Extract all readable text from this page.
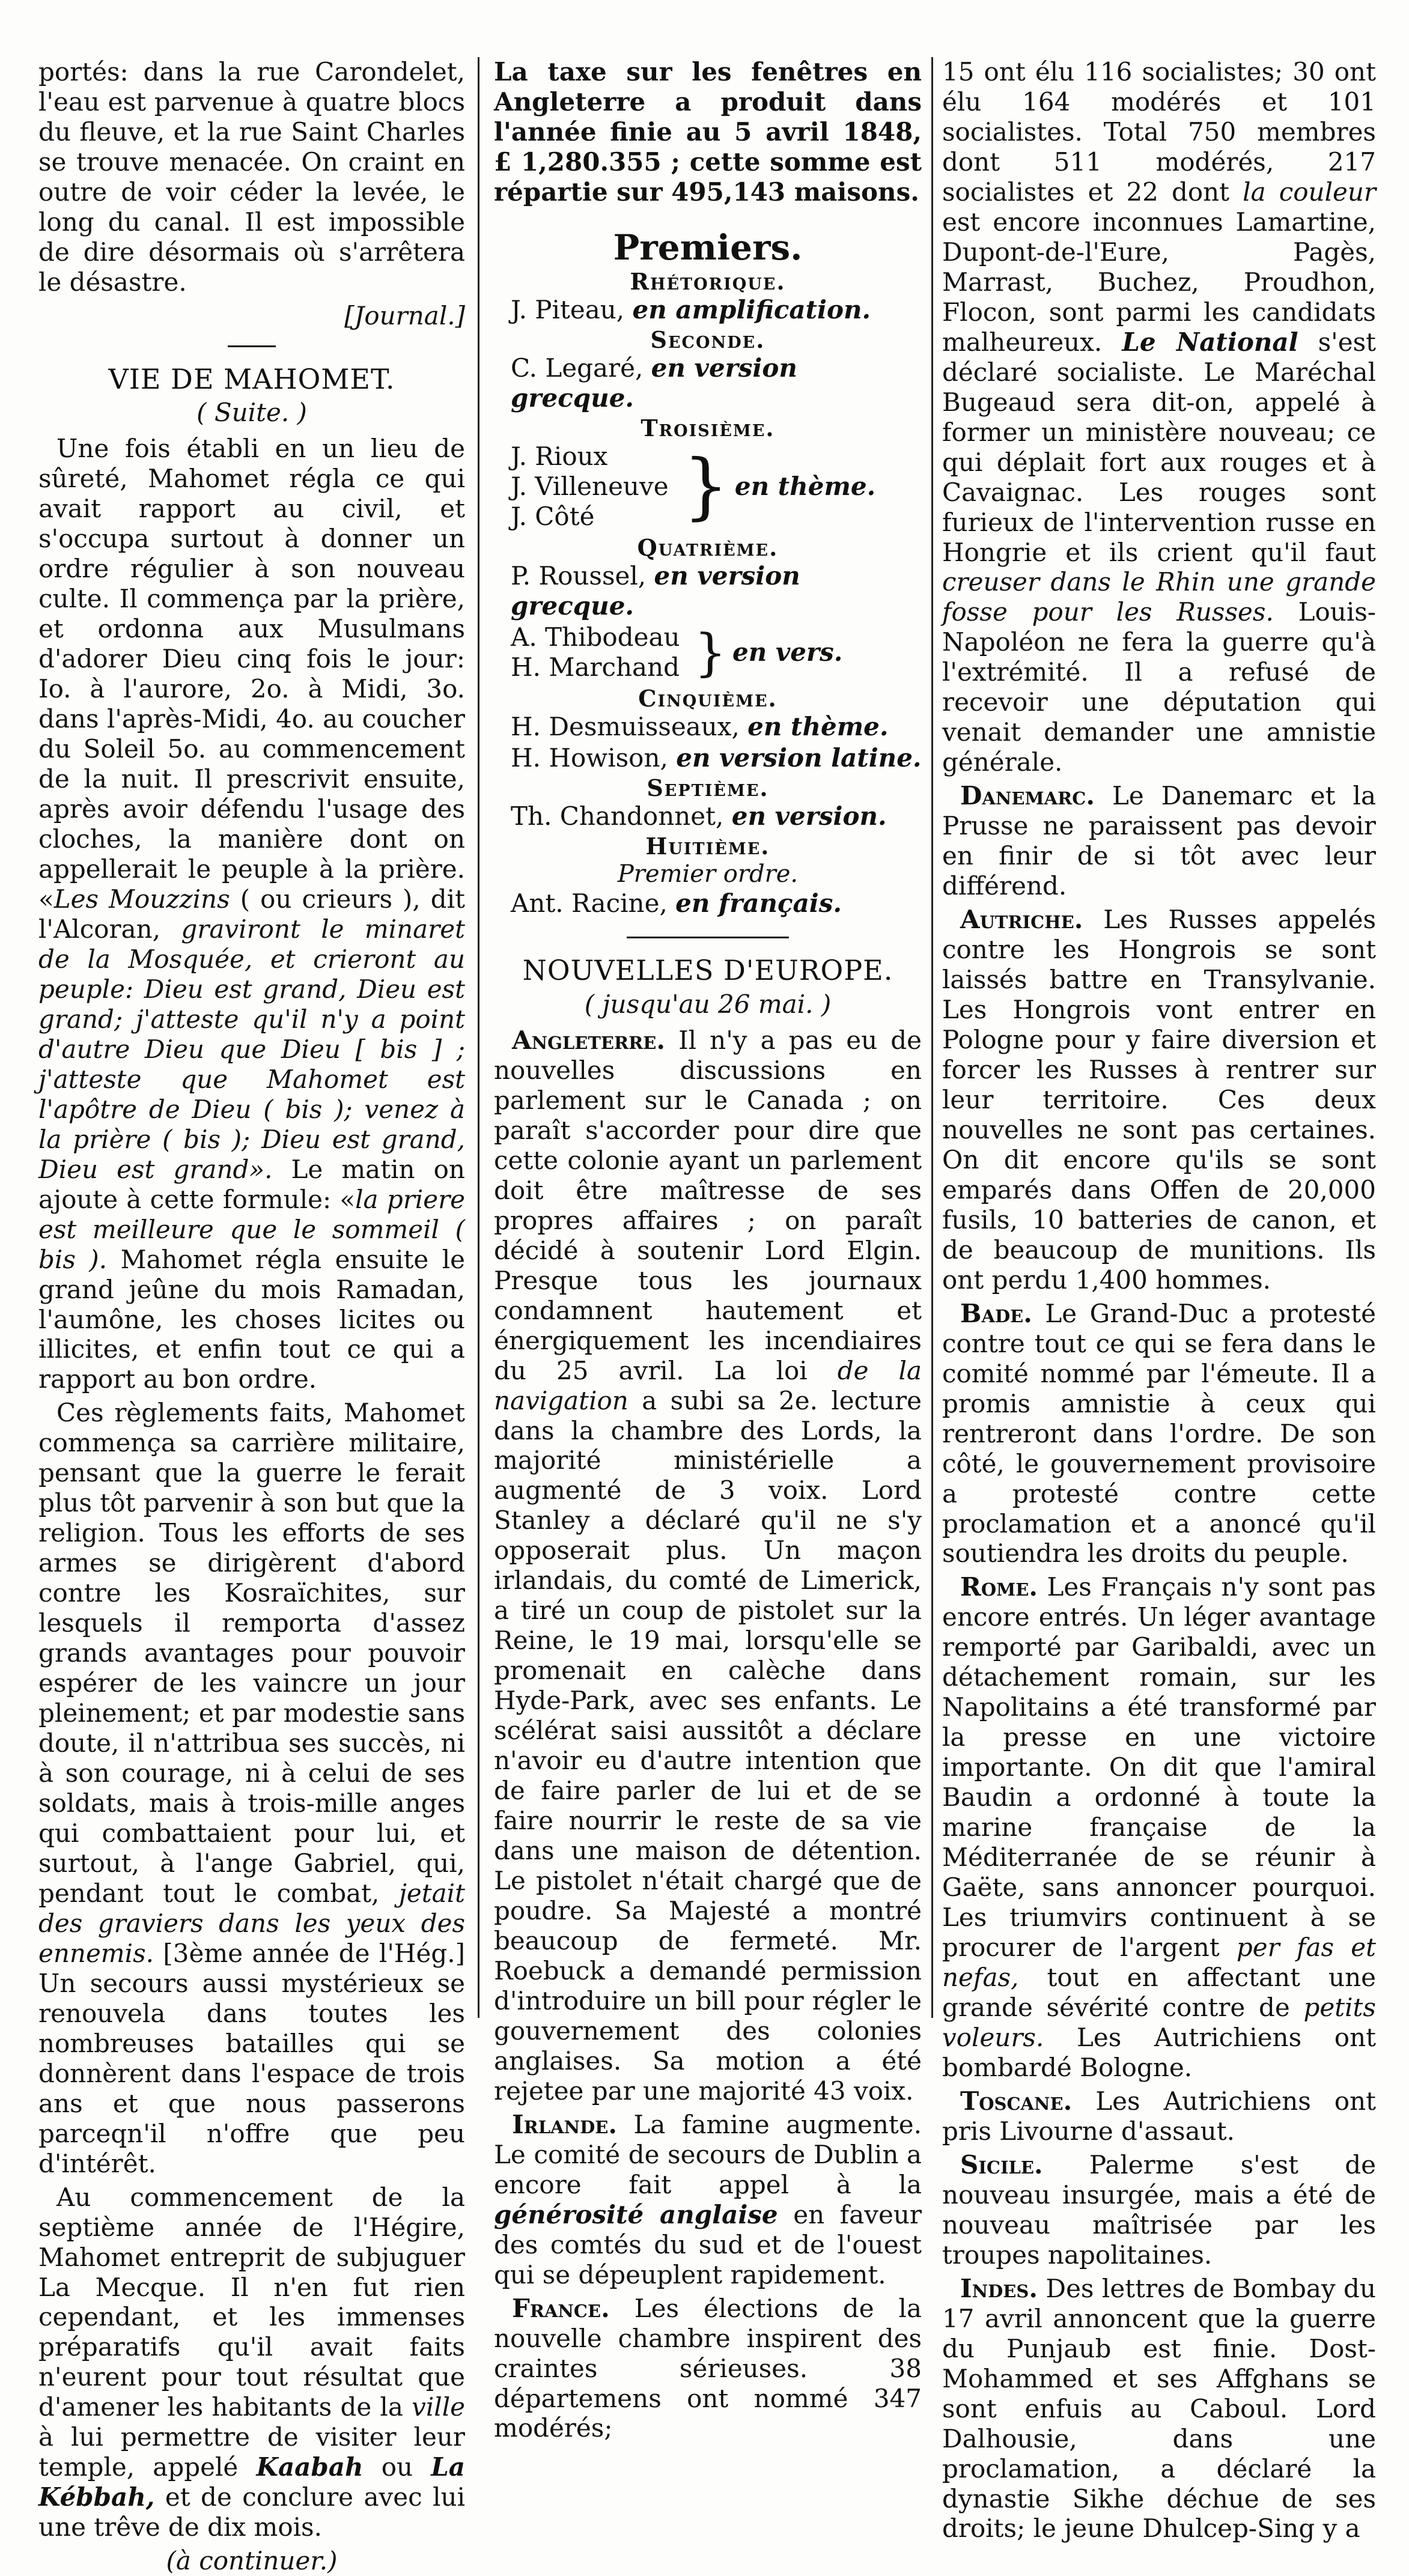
portés: dans la rue Carondelet, l'eau est parvenue à quatre blocs du fleuve, et la rue Saint Charles se trouve menacée. On craint en outre de voir céder la levée, le long du canal. Il est impossible de dire désormais où s'arrêtera le désastre.

[Journal.]

VIE DE MAHOMET.
( Suite. )

Une fois établi en un lieu de sûreté, Mahomet régla ce qui avait rapport au civil, et s'occupa surtout à donner un ordre régulier à son nouveau culte. Il commença par la prière, et ordonna aux Musulmans d'adorer Dieu cinq fois le jour: Io. à l'aurore, 2o. à Midi, 3o. dans l'après-Midi, 4o. au coucher du Soleil 5o. au commencement de la nuit. Il prescrivit ensuite, après avoir défendu l'usage des cloches, la manière dont on appellerait le peuple à la prière. «Les Mouzzins ( ou crieurs ), dit l'Alcoran, graviront le minaret de la Mosquée, et crieront au peuple: Dieu est grand, Dieu est grand; j'atteste qu'il n'y a point d'autre Dieu que Dieu [ bis ] ; j'atteste que Mahomet est l'apôtre de Dieu ( bis ); venez à la prière ( bis ); Dieu est grand, Dieu est grand». Le matin on ajoute à cette formule: «la priere est meilleure que le sommeil ( bis ). Mahomet régla ensuite le grand jeûne du mois Ramadan, l'aumône, les choses licites ou illicites, et enfin tout ce qui a rapport au bon ordre.

Ces règlements faits, Mahomet commença sa carrière militaire, pensant que la guerre le ferait plus tôt parvenir à son but que la religion. Tous les efforts de ses armes se dirigèrent d'abord contre les Kosraïchites, sur lesquels il remporta d'assez grands avantages pour pouvoir espérer de les vaincre un jour pleinement; et par modestie sans doute, il n'attribua ses succès, ni à son courage, ni à celui de ses soldats, mais à trois-mille anges qui combattaient pour lui, et surtout, à l'ange Gabriel, qui, pendant tout le combat, jetait des graviers dans les yeux des ennemis. [3ème année de l'Hég.] Un secours aussi mystérieux se renouvela dans toutes les nombreuses batailles qui se donnèrent dans l'espace de trois ans et que nous passerons parceqn'il n'offre que peu d'intérêt.

Au commencement de la septième année de l'Hégire, Mahomet entreprit de subjuguer La Mecque. Il n'en fut rien cependant, et les immenses préparatifs qu'il avait faits n'eurent pour tout résultat que d'amener les habitants de la ville à lui permettre de visiter leur temple, appelé Kaabah ou La Kébbah, et de conclure avec lui une trêve de dix mois.

(à continuer.)

La taxe sur les fenêtres en Angleterre a produit dans l'année finie au 5 avril 1848, £ 1,280.355 ; cette somme est répartie sur 495,143 maisons.

Premiers.
Rhétorique.
J. Piteau, en amplification.
Seconde.
C. Legaré, en version grecque.
Troisième.
J. Rioux
J. Villeneuve
J. Côté	} en thème.
Quatrième.
P. Roussel, en version grecque.
A. Thibodeau
H. Marchand } en vers.
Cinquième.
H. Desmuisseaux, en thème.
H. Howison, en version latine.
Septième.
Th. Chandonnet, en version.
Huitième.
Premier ordre.
Ant. Racine, en français.
NOUVELLES D'EUROPE.
( jusqu'au 26 mai. )

Angleterre. Il n'y a pas eu de nouvelles discussions en parlement sur le Canada ; on paraît s'accorder pour dire que cette colonie ayant un parlement doit être maîtresse de ses propres affaires ; on paraît décidé à soutenir Lord Elgin. Presque tous les journaux condamnent hautement et énergiquement les incendiaires du 25 avril. La loi de la navigation a subi sa 2e. lecture dans la chambre des Lords, la majorité ministérielle a augmenté de 3 voix. Lord Stanley a déclaré qu'il ne s'y opposerait plus. Un maçon irlandais, du comté de Limerick, a tiré un coup de pistolet sur la Reine, le 19 mai, lorsqu'elle se promenait en calèche dans Hyde-Park, avec ses enfants. Le scélérat saisi aussitôt a déclare n'avoir eu d'autre intention que de faire parler de lui et de se faire nourrir le reste de sa vie dans une maison de détention. Le pistolet n'était chargé que de poudre. Sa Majesté a montré beaucoup de fermeté. Mr. Roebuck a demandé permission d'introduire un bill pour régler le gouvernement des colonies anglaises. Sa motion a été rejetee par une majorité 43 voix.

Irlande. La famine augmente. Le comité de secours de Dublin a encore fait appel à la générosité anglaise en faveur des comtés du sud et de l'ouest qui se dépeuplent rapidement.

France. Les élections de la nouvelle chambre inspirent des craintes sérieuses. 38 départemens ont nommé 347 modérés;

15 ont élu 116 socialistes; 30 ont élu 164 modérés et 101 socialistes. Total 750 membres dont 511 modérés, 217 socialistes et 22 dont la couleur est encore inconnues Lamartine, Dupont-de-l'Eure, Pagès, Marrast, Buchez, Proudhon, Flocon, sont parmi les candidats malheureux. Le National s'est déclaré socialiste. Le Maréchal Bugeaud sera dit-on, appelé à former un ministère nouveau; ce qui déplait fort aux rouges et à Cavaignac. Les rouges sont furieux de l'intervention russe en Hongrie et ils crient qu'il faut creuser dans le Rhin une grande fosse pour les Russes. Louis-Napoléon ne fera la guerre qu'à l'extrémité. Il a refusé de recevoir une députation qui venait demander une amnistie générale.

Danemarc. Le Danemarc et la Prusse ne paraissent pas devoir en finir de si tôt avec leur différend.

Autriche. Les Russes appelés contre les Hongrois se sont laissés battre en Transylvanie. Les Hongrois vont entrer en Pologne pour y faire diversion et forcer les Russes à rentrer sur leur territoire. Ces deux nouvelles ne sont pas certaines. On dit encore qu'ils se sont emparés dans Offen de 20,000 fusils, 10 batteries de canon, et de beaucoup de munitions. Ils ont perdu 1,400 hommes.

Bade. Le Grand-Duc a protesté contre tout ce qui se fera dans le comité nommé par l'émeute. Il a promis amnistie à ceux qui rentreront dans l'ordre. De son côté, le gouvernement provisoire a protesté contre cette proclamation et a anoncé qu'il soutiendra les droits du peuple.

Rome. Les Français n'y sont pas encore entrés. Un léger avantage remporté par Garibaldi, avec un détachement romain, sur les Napolitains a été transformé par la presse en une victoire importante. On dit que l'amiral Baudin a ordonné à toute la marine française de la Méditerranée de se réunir à Gaëte, sans annoncer pourquoi. Les triumvirs continuent à se procurer de l'argent per fas et nefas, tout en affectant une grande sévérité contre de petits voleurs. Les Autrichiens ont bombardé Bologne.

Toscane. Les Autrichiens ont pris Livourne d'assaut.

Sicile. Palerme s'est de nouveau insurgée, mais a été de nouveau maîtrisée par les troupes napolitaines.

Indes. Des lettres de Bombay du 17 avril annoncent que la guerre du Punjaub est finie. Dost-Mohammed et ses Affghans se sont enfuis au Caboul. Lord Dalhousie, dans une proclamation, a déclaré la dynastie Sikhe déchue de ses droits; le jeune Dhulcep-Sing y a
